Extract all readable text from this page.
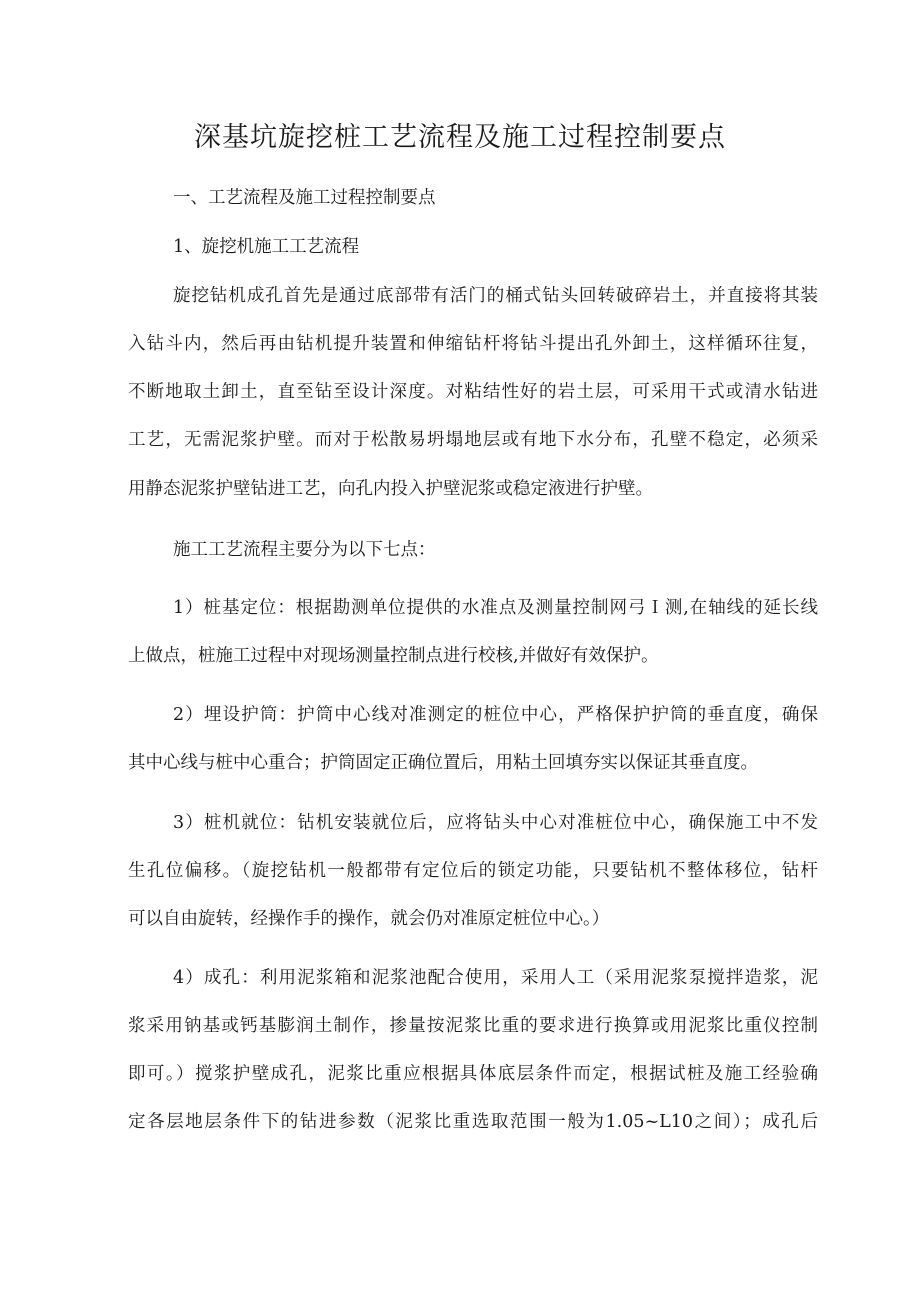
深基坑旋挖桩工艺流程及施工过程控制要点

一、工艺流程及施工过程控制要点

1、旋挖机施工工艺流程

旋挖钻机成孔首先是通过底部带有活门的桶式钻头回转破碎岩土，并直接将其装

入钻斗内，然后再由钻机提升装置和伸缩钻杆将钻斗提出孔外卸土，这样循环往复，

不断地取土卸土，直至钻至设计深度。对粘结性好的岩土层，可采用干式或清水钻进

工艺，无需泥浆护壁。而对于松散易坍塌地层或有地下水分布，孔壁不稳定，必须采

用静态泥浆护壁钻进工艺，向孔内投入护壁泥浆或稳定液进行护壁。

施工工艺流程主要分为以下七点：

1）桩基定位：根据勘测单位提供的水准点及测量控制网弓Ｉ测,在轴线的延长线

上做点，桩施工过程中对现场测量控制点进行校核,并做好有效保护。

2）埋设护筒：护筒中心线对准测定的桩位中心，严格保护护筒的垂直度，确保

其中心线与桩中心重合；护筒固定正确位置后，用粘土回填夯实以保证其垂直度。

3）桩机就位：钻机安装就位后，应将钻头中心对准桩位中心，确保施工中不发

生孔位偏移。（旋挖钻机一般都带有定位后的锁定功能，只要钻机不整体移位，钻杆

可以自由旋转，经操作手的操作，就会仍对准原定桩位中心。）

4）成孔：利用泥浆箱和泥浆池配合使用，采用人工（采用泥浆泵搅拌造浆，泥

浆采用钠基或钙基膨润土制作，掺量按泥浆比重的要求进行换算或用泥浆比重仪控制

即可。）搅浆护壁成孔，泥浆比重应根据具体底层条件而定，根据试桩及施工经验确

定各层地层条件下的钻进参数（泥浆比重选取范围一般为1.05~L10之间）；成孔后
